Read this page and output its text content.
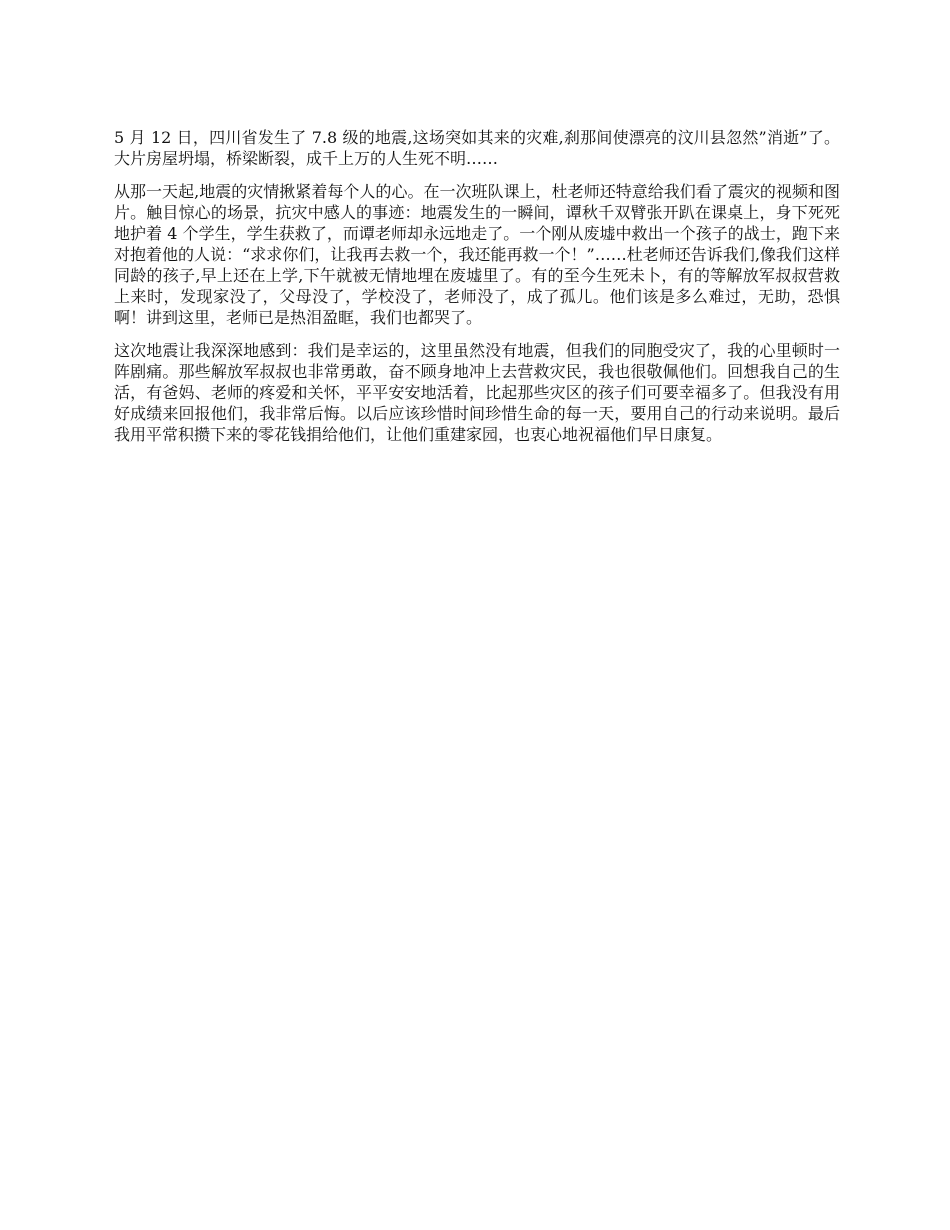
5 月 12 日，四川省发生了 7.8 级的地震,这场突如其来的灾难,刹那间使漂亮的汶川县忽然”消逝”了。大片房屋坍塌，桥梁断裂，成千上万的人生死不明……

从那一天起,地震的灾情揪紧着每个人的心。在一次班队课上，杜老师还特意给我们看了震灾的视频和图片。触目惊心的场景，抗灾中感人的事迹：地震发生的一瞬间，谭秋千双臂张开趴在课桌上，身下死死地护着 4 个学生，学生获救了，而谭老师却永远地走了。一个刚从废墟中救出一个孩子的战士，跑下来对抱着他的人说：“求求你们，让我再去救一个，我还能再救一个！”……杜老师还告诉我们,像我们这样同龄的孩子,早上还在上学,下午就被无情地埋在废墟里了。有的至今生死未卜，有的等解放军叔叔营救上来时，发现家没了，父母没了，学校没了，老师没了，成了孤儿。他们该是多么难过，无助，恐惧啊！讲到这里，老师已是热泪盈眶，我们也都哭了。

这次地震让我深深地感到：我们是幸运的，这里虽然没有地震，但我们的同胞受灾了，我的心里顿时一阵剧痛。那些解放军叔叔也非常勇敢，奋不顾身地冲上去营救灾民，我也很敬佩他们。回想我自己的生活，有爸妈、老师的疼爱和关怀，平平安安地活着，比起那些灾区的孩子们可要幸福多了。但我没有用好成绩来回报他们，我非常后悔。以后应该珍惜时间珍惜生命的每一天，要用自己的行动来说明。最后我用平常积攒下来的零花钱捐给他们，让他们重建家园，也衷心地祝福他们早日康复。
